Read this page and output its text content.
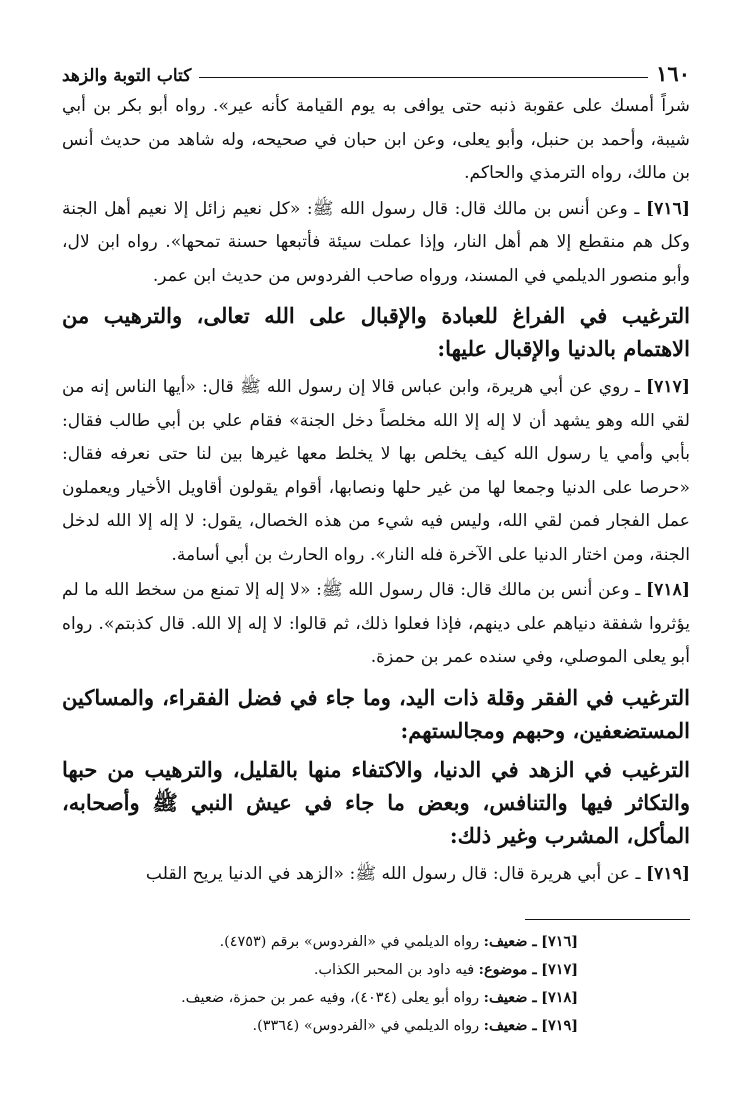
١٦٠
كتاب التوبة والزهد

شراً أمسك على عقوبة ذنبه حتى يوافى به يوم القيامة كأنه عير». رواه أبو بكر بن أبي شيبة، وأحمد بن حنبل، وأبو يعلى، وعن ابن حبان في صحيحه، وله شاهد من حديث أنس بن مالك، رواه الترمذي والحاكم.

[٧١٦] ـ وعن أنس بن مالك قال: قال رسول الله ﷺ: «كل نعيم زائل إلا نعيم أهل الجنة وكل هم منقطع إلا هم أهل النار، وإذا عملت سيئة فأتبعها حسنة تمحها». رواه ابن لال، وأبو منصور الديلمي في المسند، ورواه صاحب الفردوس من حديث ابن عمر.

الترغيب في الفراغ للعبادة والإقبال على الله تعالى، والترهيب من الاهتمام بالدنيا والإقبال عليها:

[٧١٧] ـ روي عن أبي هريرة، وابن عباس قالا إن رسول الله ﷺ قال: «أيها الناس إنه من لقي الله وهو يشهد أن لا إله إلا الله مخلصاً دخل الجنة» فقام علي بن أبي طالب فقال: بأبي وأمي يا رسول الله كيف يخلص بها لا يخلط معها غيرها بين لنا حتى نعرفه فقال: «حرصا على الدنيا وجمعا لها من غير حلها ونصابها، أقوام يقولون أقاويل الأخيار ويعملون عمل الفجار فمن لقي الله، وليس فيه شيء من هذه الخصال، يقول: لا إله إلا الله لدخل الجنة، ومن اختار الدنيا على الآخرة فله النار». رواه الحارث بن أبي أسامة.

[٧١٨] ـ وعن أنس بن مالك قال: قال رسول الله ﷺ: «لا إله إلا تمنع من سخط الله ما لم يؤثروا شفقة دنياهم على دينهم، فإذا فعلوا ذلك، ثم قالوا: لا إله إلا الله. قال كذبتم». رواه أبو يعلى الموصلي، وفي سنده عمر بن حمزة.

الترغيب في الفقر وقلة ذات اليد، وما جاء في فضل الفقراء، والمساكين المستضعفين، وحبهم ومجالستهم:
الترغيب في الزهد في الدنيا، والاكتفاء منها بالقليل، والترهيب من حبها والتكاثر فيها والتنافس، وبعض ما جاء في عيش النبي ﷺ وأصحابه، المأكل، المشرب وغير ذلك:

[٧١٩] ـ عن أبي هريرة قال: قال رسول الله ﷺ: «الزهد في الدنيا يريح القلب

[٧١٦] ـ ضعيف: رواه الديلمي في «الفردوس» برقم (٤٧٥٣).
[٧١٧] ـ موضوع: فيه داود بن المحبر الكذاب.
[٧١٨] ـ ضعيف: رواه أبو يعلى (٤٠٣٤)، وفيه عمر بن حمزة، ضعيف.
[٧١٩] ـ ضعيف: رواه الديلمي في «الفردوس» (٣٣٦٤).
